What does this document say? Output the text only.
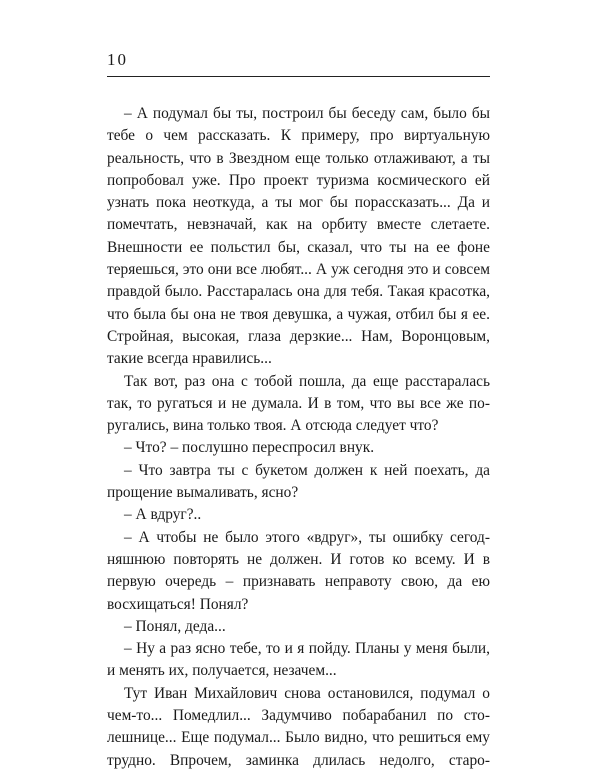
10

– А подумал бы ты, построил бы беседу сам, было бы тебе о чем рассказать. К примеру, про виртуальную реальность, что в Звездном еще только отлаживают, а ты попробовал уже. Про проект туризма космического ей узнать пока неоткуда, а ты мог бы порассказать... Да и помечтать, невзначай, как на орбиту вместе слетаете. Внешности ее польстил бы, сказал, что ты на ее фоне теряешься, это они все любят... А уж сегодня это и совсем правдой было. Расстаралась она для тебя. Такая красотка, что была бы она не твоя девушка, а чужая, отбил бы я ее. Стройная, высокая, глаза дерзкие... Нам, Воронцовым, такие всегда нравились...

Так вот, раз она с тобой пошла, да еще расстаралась так, то ругаться и не думала. И в том, что вы все же поругались, вина только твоя. А отсюда следует что?

– Что? – послушно переспросил внук.

– Что завтра ты с букетом должен к ней поехать, да прощение вымаливать, ясно?

– А вдруг?..

– А чтобы не было этого «вдруг», ты ошибку сегодняшнюю повторять не должен. И готов ко всему. И в первую очередь – признавать неправоту свою, да ею восхищаться! Понял?

– Понял, деда...

– Ну а раз ясно тебе, то и я пойду. Планы у меня были, и менять их, получается, незачем...

Тут Иван Михайлович снова остановился, подумал о чем-то... Помедлил... Задумчиво побарабанил по столешнице... Еще подумал... Было видно, что решиться ему трудно. Впрочем, заминка длилась недолго, старо-
